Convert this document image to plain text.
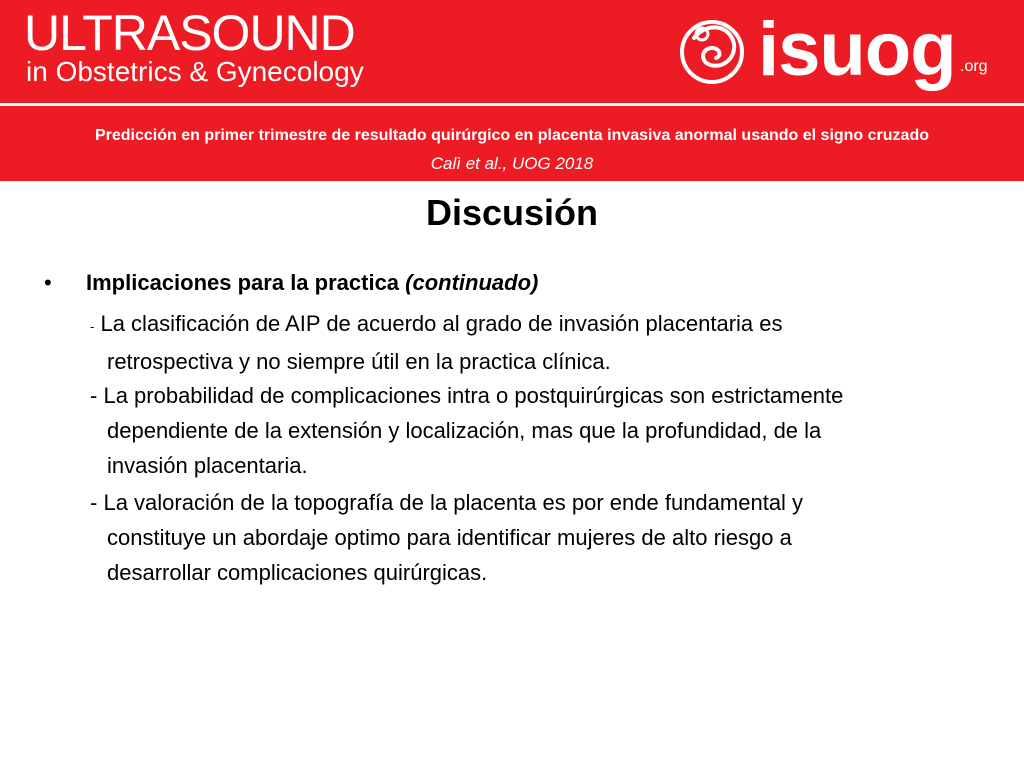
ULTRASOUND
in Obstetrics & Gynecology	isuog .org
Predicción en primer trimestre de resultado quirúrgico en placenta invasiva anormal usando el signo cruzado
Calì et al., UOG 2018
Discusión
• Implicaciones para la practica (continuado)
- La clasificación de AIP de acuerdo al grado de invasión placentaria es
retrospectiva y no siempre útil en la practica clínica.
- La probabilidad de complicaciones intra o postquirúrgicas son estrictamente
dependiente de la extensión y localización, mas que la profundidad, de la
invasión placentaria.
- La valoración de la topografía de la placenta es por ende fundamental y
constituye un abordaje optimo para identificar mujeres de alto riesgo a
desarrollar complicaciones quirúrgicas.
